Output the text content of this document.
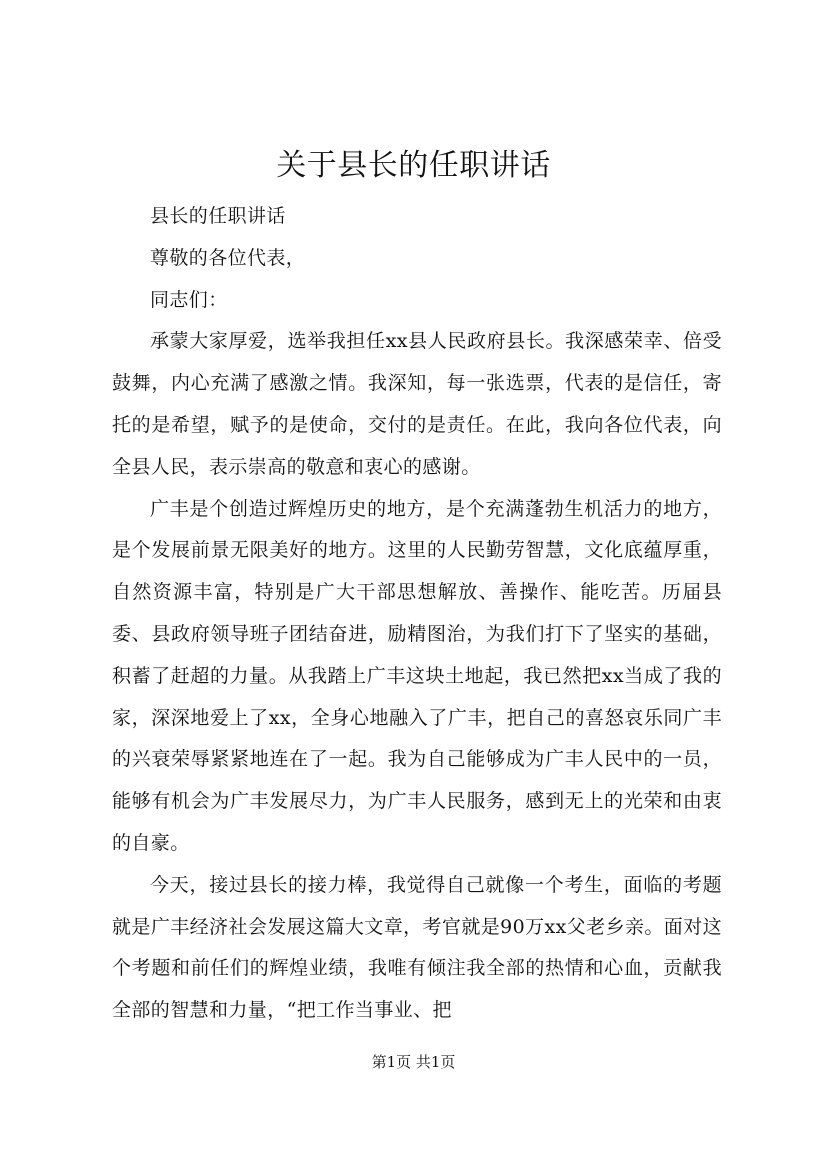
关于县长的任职讲话

县长的任职讲话

尊敬的各位代表，

同志们：

承蒙大家厚爱，选举我担任xx县人民政府县长。我深感荣幸、倍受鼓舞，内心充满了感激之情。我深知，每一张选票，代表的是信任，寄托的是希望，赋予的是使命，交付的是责任。在此，我向各位代表，向全县人民，表示崇高的敬意和衷心的感谢。

广丰是个创造过辉煌历史的地方，是个充满蓬勃生机活力的地方，是个发展前景无限美好的地方。这里的人民勤劳智慧，文化底蕴厚重，自然资源丰富，特别是广大干部思想解放、善操作、能吃苦。历届县委、县政府领导班子团结奋进，励精图治，为我们打下了坚实的基础，积蓄了赶超的力量。从我踏上广丰这块土地起，我已然把xx当成了我的家，深深地爱上了xx，全身心地融入了广丰，把自己的喜怒哀乐同广丰的兴衰荣辱紧紧地连在了一起。我为自己能够成为广丰人民中的一员，能够有机会为广丰发展尽力，为广丰人民服务，感到无上的光荣和由衷的自豪。

今天，接过县长的接力棒，我觉得自己就像一个考生，面临的考题就是广丰经济社会发展这篇大文章，考官就是90万xx父老乡亲。面对这个考题和前任们的辉煌业绩，我唯有倾注我全部的热情和心血，贡献我全部的智慧和力量，“把工作当事业、把

第1页 共1页
